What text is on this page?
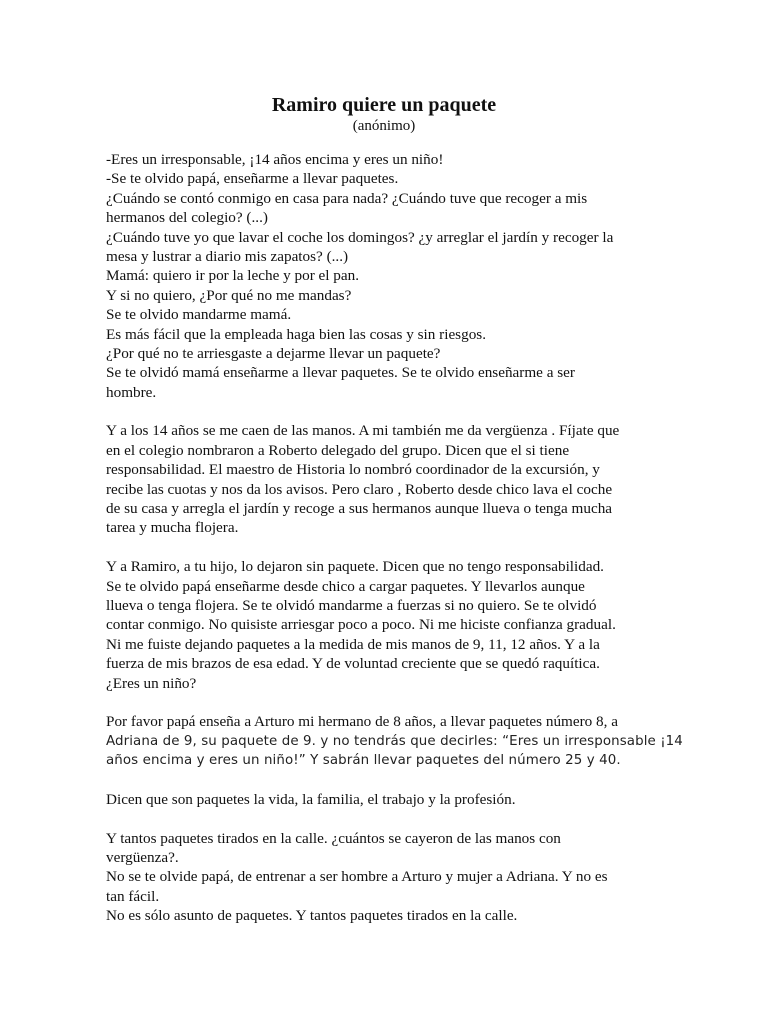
Ramiro quiere un paquete
(anónimo)
-Eres un irresponsable, ¡14 años encima y eres un niño!
-Se te olvido papá, enseñarme a llevar paquetes.
¿Cuándo se contó conmigo en casa para nada? ¿Cuándo tuve que recoger a mis
hermanos del colegio? (...)
¿Cuándo tuve yo que lavar el coche los domingos? ¿y arreglar el jardín y recoger la
mesa y lustrar a diario mis zapatos? (...)
Mamá: quiero ir por la leche y por el pan.
Y si no quiero, ¿Por qué no me mandas?
Se te olvido mandarme mamá.
Es más fácil que la empleada haga bien las cosas y sin riesgos.
¿Por qué no te arriesgaste a dejarme llevar un paquete?
Se te olvidó mamá enseñarme a llevar paquetes. Se te olvido enseñarme a ser
hombre.
Y a los 14 años se me caen de las manos. A mi también me da vergüenza . Fíjate que
en el colegio nombraron a Roberto delegado del grupo. Dicen que el si tiene
responsabilidad. El maestro de Historia lo nombró coordinador de la excursión, y
recibe las cuotas y nos da los avisos. Pero claro , Roberto desde chico lava el coche
de su casa y arregla el jardín y recoge a sus hermanos aunque llueva o tenga mucha
tarea y mucha flojera.
Y a Ramiro, a tu hijo, lo dejaron sin paquete. Dicen que no tengo responsabilidad.
Se te olvido papá enseñarme desde chico a cargar paquetes. Y llevarlos aunque
llueva o tenga flojera. Se te olvidó mandarme a fuerzas si no quiero. Se te olvidó
contar conmigo. No quisiste arriesgar poco a poco. Ni me hiciste confianza gradual.
Ni me fuiste dejando paquetes a la medida de mis manos de 9, 11, 12 años. Y a la
fuerza de mis brazos de esa edad. Y de voluntad creciente que se quedó raquítica.
¿Eres un niño?
Por favor papá enseña a Arturo mi hermano de 8 años, a llevar paquetes número 8, a
Adriana de 9, su paquete de 9. y no tendrás que decirles: “Eres un irresponsable ¡14
años encima y eres un niño!” Y sabrán llevar paquetes del número 25 y 40.
Dicen que son paquetes la vida, la familia, el trabajo y la profesión.
Y tantos paquetes tirados en la calle. ¿cuántos se cayeron de las manos con
vergüenza?.
No se te olvide papá, de entrenar a ser hombre a Arturo y mujer a Adriana. Y no es
tan fácil.
No es sólo asunto de paquetes. Y tantos paquetes tirados en la calle.
